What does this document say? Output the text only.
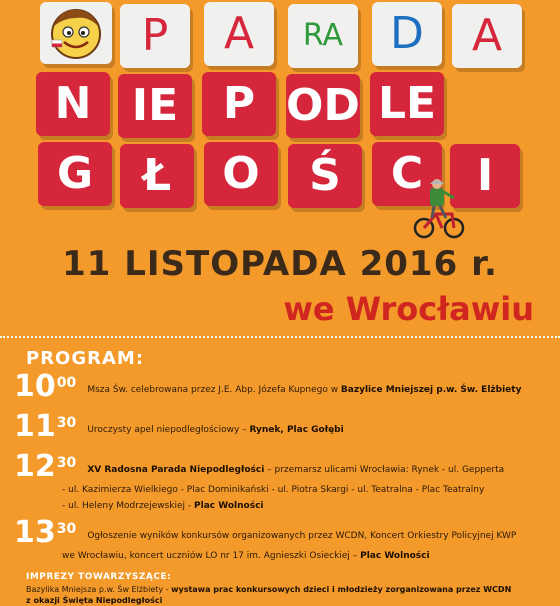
P A RA D A
N IE P OD LE
G Ł O Ś C I
11 LISTOPADA 2016 r.
we Wrocławiu
PROGRAM:
$10^{00}$ Msza Św. celebrowana przez J.E. Abp. Józefa Kupnego w Bazylice Mniejszej p.w. Św. Elżbiety
$11^{30}$ Uroczysty apel niepodległościowy – Rynek, Plac Gołębi
$12^{30}$ XV Radosna Parada Niepodległości – przemarsz ulicami Wrocławia: Rynek - ul. Gepperta
- ul. Kazimierza Wielkiego - Plac Dominikański - ul. Piotra Skargi - ul. Teatralna - Plac Teatralny
- ul. Heleny Modrzejewskiej - Plac Wolności
$13^{30}$ Ogłoszenie wyników konkursów organizowanych przez WCDN, Koncert Orkiestry Policyjnej KWP
we Wrocławiu, koncert uczniów LO nr 17 im. Agnieszki Osieckiej – Plac Wolności
IMPREZY TOWARZYSZĄCE:
Bazylika Mniejsza p.w. Św Elżbiety - wystawa prac konkursowych dzieci i młodzieży zorganizowana przez WCDN
z okazji Święta Niepodległości
